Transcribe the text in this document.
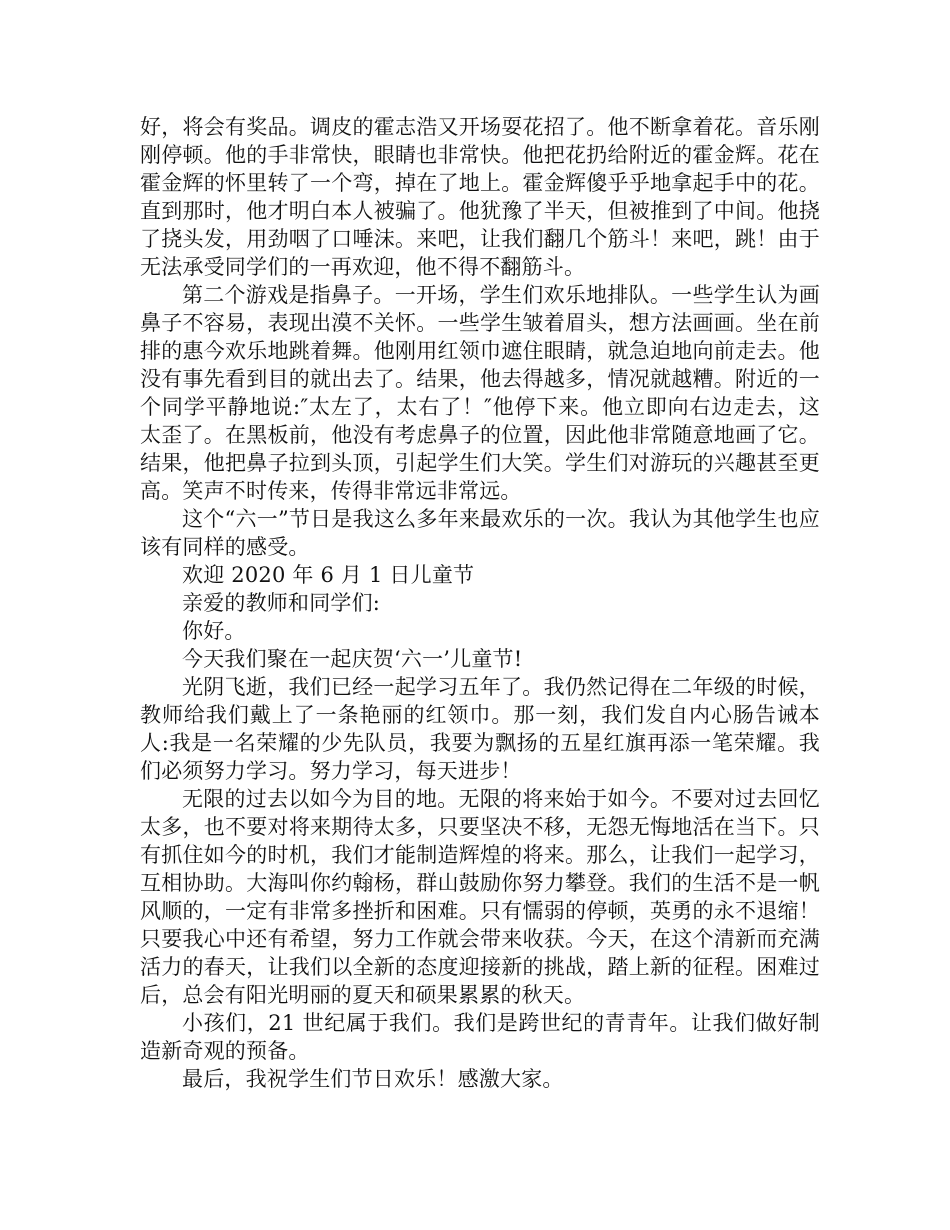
好，将会有奖品。调皮的霍志浩又开场耍花招了。他不断拿着花。音乐刚刚停顿。他的手非常快，眼睛也非常快。他把花扔给附近的霍金辉。花在霍金辉的怀里转了一个弯，掉在了地上。霍金辉傻乎乎地拿起手中的花。直到那时，他才明白本人被骗了。他犹豫了半天，但被推到了中间。他挠了挠头发，用劲咽了口唾沫。来吧，让我们翻几个筋斗！来吧，跳！由于无法承受同学们的一再欢迎，他不得不翻筋斗。

第二个游戏是指鼻子。一开场，学生们欢乐地排队。一些学生认为画鼻子不容易，表现出漠不关怀。一些学生皱着眉头，想方法画画。坐在前排的惠今欢乐地跳着舞。他刚用红领巾遮住眼睛，就急迫地向前走去。他没有事先看到目的就出去了。结果，他去得越多，情况就越糟。附近的一个同学平静地说:″太左了，太右了！″他停下来。他立即向右边走去，这太歪了。在黑板前，他没有考虑鼻子的位置，因此他非常随意地画了它。结果，他把鼻子拉到头顶，引起学生们大笑。学生们对游玩的兴趣甚至更高。笑声不时传来，传得非常远非常远。

这个“六一”节日是我这么多年来最欢乐的一次。我认为其他学生也应该有同样的感受。

欢迎 2020 年 6 月 1 日儿童节

亲爱的教师和同学们:

你好。

今天我们聚在一起庆贺‘六一’儿童节!

光阴飞逝，我们已经一起学习五年了。我仍然记得在二年级的时候，教师给我们戴上了一条艳丽的红领巾。那一刻，我们发自内心肠告诫本人:我是一名荣耀的少先队员，我要为飘扬的五星红旗再添一笔荣耀。我们必须努力学习。努力学习，每天进步！

无限的过去以如今为目的地。无限的将来始于如今。不要对过去回忆太多，也不要对将来期待太多，只要坚决不移，无怨无悔地活在当下。只有抓住如今的时机，我们才能制造辉煌的将来。那么，让我们一起学习，互相协助。大海叫你约翰杨，群山鼓励你努力攀登。我们的生活不是一帆风顺的，一定有非常多挫折和困难。只有懦弱的停顿，英勇的永不退缩！只要我心中还有希望，努力工作就会带来收获。今天，在这个清新而充满活力的春天，让我们以全新的态度迎接新的挑战，踏上新的征程。困难过后，总会有阳光明丽的夏天和硕果累累的秋天。

小孩们，21 世纪属于我们。我们是跨世纪的青青年。让我们做好制造新奇观的预备。

最后，我祝学生们节日欢乐！感激大家。
